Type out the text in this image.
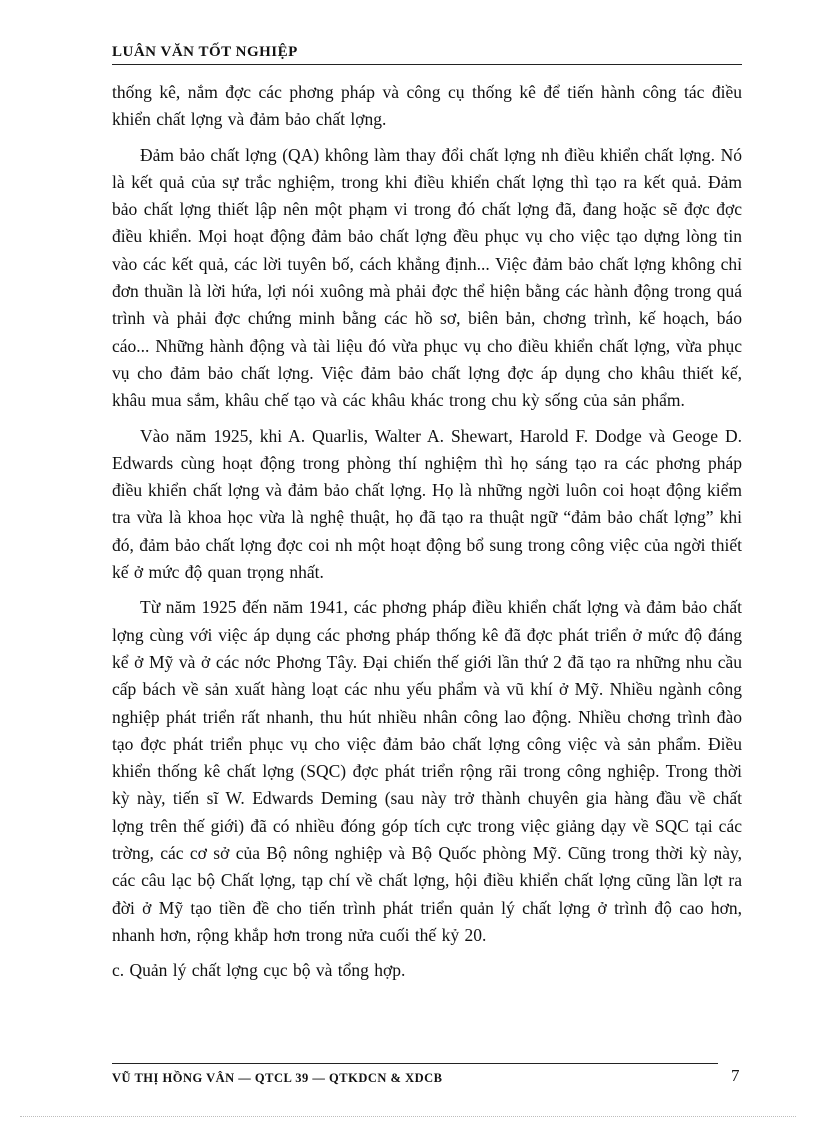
LUÂN VĂN TỐT NGHIỆP

thống kê, nắm đợc các phơng pháp và công cụ thống kê để tiến hành công tác điều khiển chất lợng và đảm bảo chất lợng.

Đảm bảo chất lợng (QA) không làm thay đổi chất lợng nh điều khiển chất lợng. Nó là kết quả của sự trắc nghiệm, trong khi điều khiển chất lợng thì tạo ra kết quả. Đảm bảo chất lợng thiết lập nên một phạm vi trong đó chất lợng đã, đang hoặc sẽ đợc đợc điều khiển. Mọi hoạt động đảm bảo chất lợng đều phục vụ cho việc tạo dựng lòng tin vào các kết quả, các lời tuyên bố, cách khẳng định... Việc đảm bảo chất lợng không chỉ đơn thuần là lời hứa, lợi nói xuông mà phải đợc thể hiện bằng các hành động trong quá trình và phải đợc chứng minh bằng các hồ sơ, biên bản, chơng trình, kế hoạch, báo cáo... Những hành động và tài liệu đó vừa phục vụ cho điều khiển chất lợng, vừa phục vụ cho đảm bảo chất lợng. Việc đảm bảo chất lợng đợc áp dụng cho khâu thiết kế, khâu mua sắm, khâu chế tạo và các khâu khác trong chu kỳ sống của sản phẩm.

Vào năm 1925, khi A. Quarlis, Walter A. Shewart, Harold F. Dodge và Geoge D. Edwards cùng hoạt động trong phòng thí nghiệm thì họ sáng tạo ra các phơng pháp điều khiển chất lợng và đảm bảo chất lợng. Họ là những ngời luôn coi hoạt động kiểm tra vừa là khoa học vừa là nghệ thuật, họ đã tạo ra thuật ngữ “đảm bảo chất lợng” khi đó, đảm bảo chất lợng đợc coi nh một hoạt động bổ sung trong công việc của ngời thiết kế ở mức độ quan trọng nhất.

Từ năm 1925 đến năm 1941, các phơng pháp điều khiển chất lợng và đảm bảo chất lợng cùng với việc áp dụng các phơng pháp thống kê đã đợc phát triển ở mức độ đáng kể ở Mỹ và ở các nớc Phơng Tây. Đại chiến thế giới lần thứ 2 đã tạo ra những nhu cầu cấp bách về sản xuất hàng loạt các nhu yếu phẩm và vũ khí ở Mỹ. Nhiều ngành công nghiệp phát triển rất nhanh, thu hút nhiều nhân công lao động. Nhiều chơng trình đào tạo đợc phát triển phục vụ cho việc đảm bảo chất lợng công việc và sản phẩm. Điều khiển thống kê chất lợng (SQC) đợc phát triển rộng rãi trong công nghiệp. Trong thời kỳ này, tiến sĩ W. Edwards Deming (sau này trở thành chuyên gia hàng đầu về chất lợng trên thế giới) đã có nhiều đóng góp tích cực trong việc giảng dạy về SQC tại các trờng, các cơ sở của Bộ nông nghiệp và Bộ Quốc phòng Mỹ. Cũng trong thời kỳ này, các câu lạc bộ Chất lợng, tạp chí về chất lợng, hội điều khiển chất lợng cũng lần lợt ra đời ở Mỹ tạo tiền đề cho tiến trình phát triển quản lý chất lợng ở trình độ cao hơn, nhanh hơn, rộng khắp hơn trong nửa cuối thế kỷ 20.

c. Quản lý chất lợng cục bộ và tổng hợp.

VŨ THỊ HỒNG VÂN — QTCL 39 — QTKDCN & XDCB	7
